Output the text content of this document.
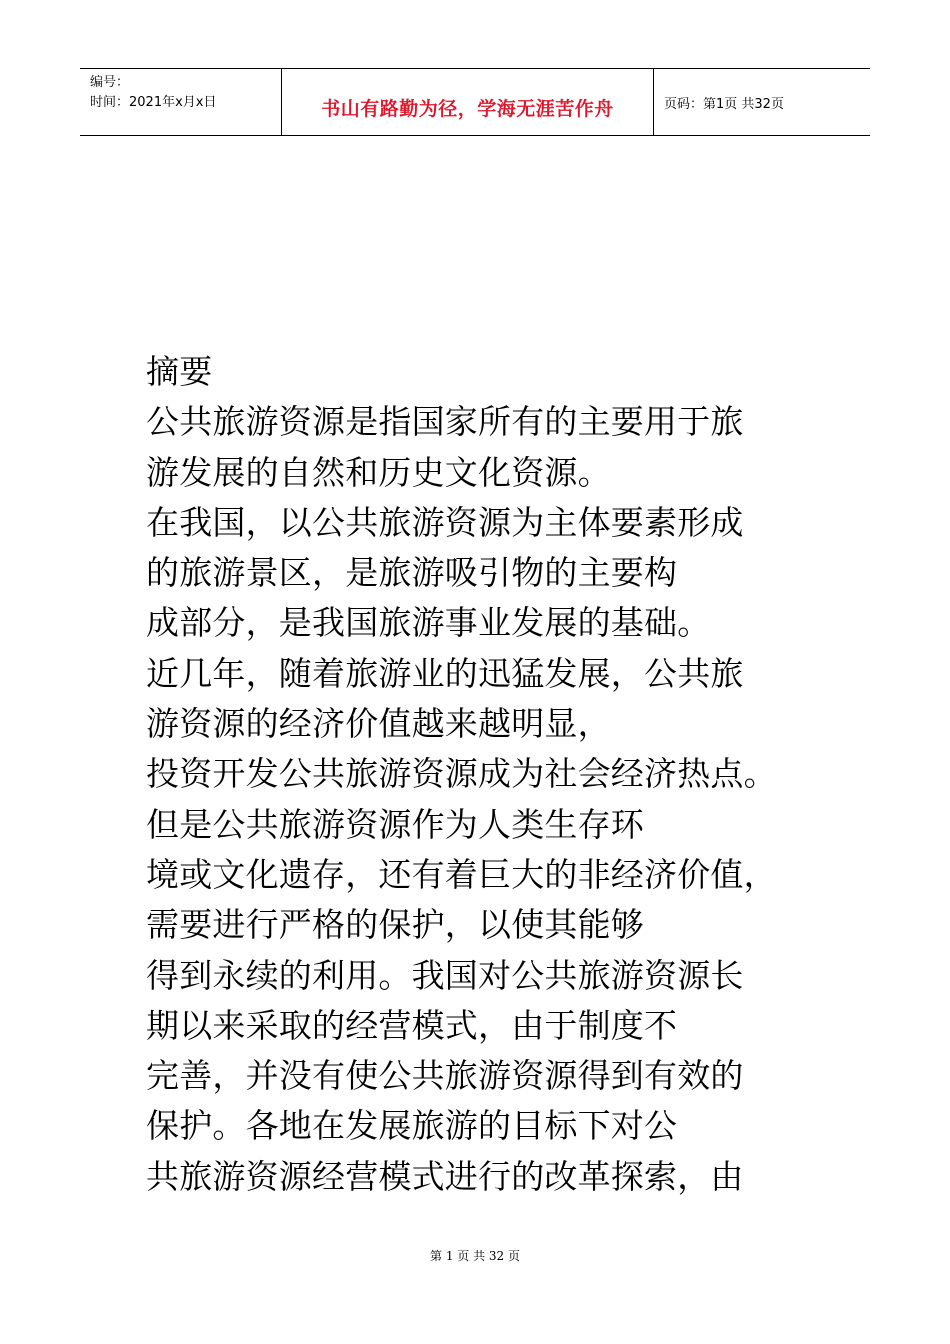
编号：
时间：2021年x月x日	书山有路勤为径，学海无涯苦作舟	页码：第1页 共32页
摘要
公共旅游资源是指国家所有的主要用于旅
游发展的自然和历史文化资源。
在我国，以公共旅游资源为主体要素形成
的旅游景区，是旅游吸引物的主要构
成部分，是我国旅游事业发展的基础。
近几年，随着旅游业的迅猛发展，公共旅
游资源的经济价值越来越明显，
投资开发公共旅游资源成为社会经济热点。
但是公共旅游资源作为人类生存环
境或文化遗存，还有着巨大的非经济价值，
需要进行严格的保护，以使其能够
得到永续的利用。我国对公共旅游资源长
期以来采取的经营模式，由于制度不
完善，并没有使公共旅游资源得到有效的
保护。各地在发展旅游的目标下对公
共旅游资源经营模式进行的改革探索，由
第 1 页 共 32 页
